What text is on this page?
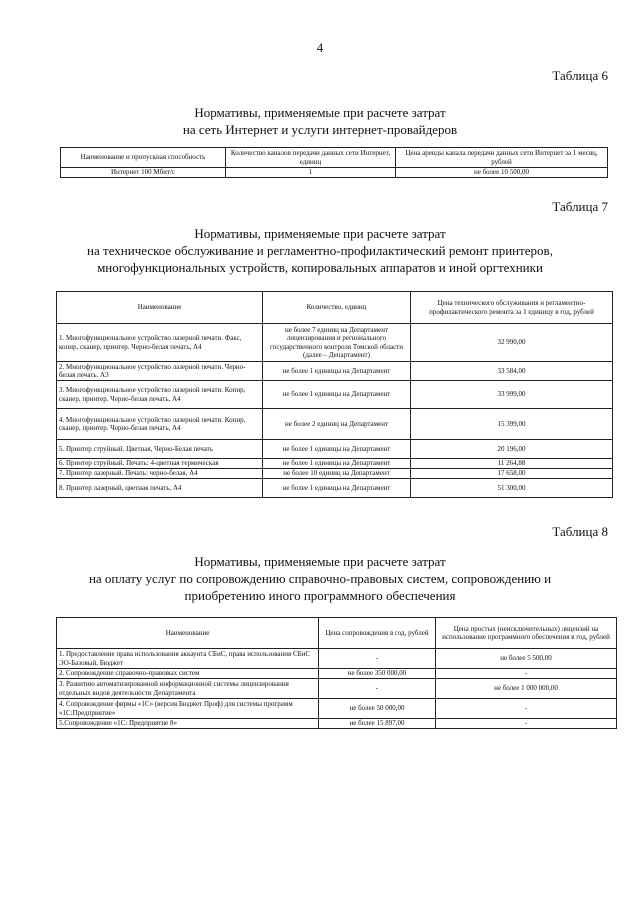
4
Таблица 6
Нормативы, применяемые при расчете затрат
на сеть Интернет и услуги интернет-провайдеров
Наименование и пропускная способность	Количество каналов передачи данных сети Интернет, единиц	Цена аренды канала передачи данных сети Интернет за 1 месяц, рублей
Интернет 100 Мбит/с	1	не более 10 500,00
Таблица 7
Нормативы, применяемые при расчете затрат
на техническое обслуживание и регламентно-профилактический ремонт принтеров,
многофункциональных устройств, копировальных аппаратов и иной оргтехники
Наименование	Количество, единиц	Цена технического обслуживания и регламентно-профилактического ремонта за 1 единицу в год, рублей
1. Многофункциональное устройство лазерной печати. Факс, копир, сканер, принтер. Черно-белая печать, А4	не более 7 единиц на Департамент лицензирования и регионального государственного контроля Томской области (далее – Департамент)	32 990,00
2. Многофункциональное устройство лазерной печати. Черно-белая печать. А3	не более 1 единицы на Департамент	33 584,00
3. Многофункциональное устройство лазерной печати. Копир, сканер, принтер. Черно-белая печать, А4	не более 1 единицы на Департамент	33 999,00
4. Многофункциональное устройство лазерной печати. Копир, сканер, принтер. Черно-белая печать, А4	не более 2 единиц на Департамент	15 399,00
5. Принтер струйный. Цветная, Черно-Белая печать	не более 1 единицы на Департамент	20 196,00
6. Принтер струйный. Печать: 4-цветная термическая	не более 1 единицы на Департамент	11 264,88
7. Принтер лазерный. Печать: черно-белая, А4	не более 10 единиц на Департамент	17 658,00
8. Принтер лазерный, цветная печать, А4	не более 1 единицы на Департамент	51 300,00
Таблица 8
Нормативы, применяемые при расчете затрат
на оплату услуг по сопровождению справочно-правовых систем, сопровождению и
приобретению иного программного обеспечения
Наименование	Цена сопровождения в год, рублей	Цена простых (неисключительных) лицензий на использование программного обеспечения в год, рублей
1. Предоставление права использования аккаунта СБиС, права использования СБиС ЭО-Базовый, Бюджет	-	не более 5 500,00
2. Сопровождение справочно-правовых систем	не более 350 000,00	-
3. Развитию автоматизированной информационной системы лицензирования отдельных видов деятельности Департамента	-	не более 1 000 000,00
4. Сопровождение фирмы «1С» (версия Бюджет Проф) для системы программ «1С:Предприятие»	не более 50 000,00	-
5.Сопровождение «1С: Предприятие 8»	не более 15 897,00	-
